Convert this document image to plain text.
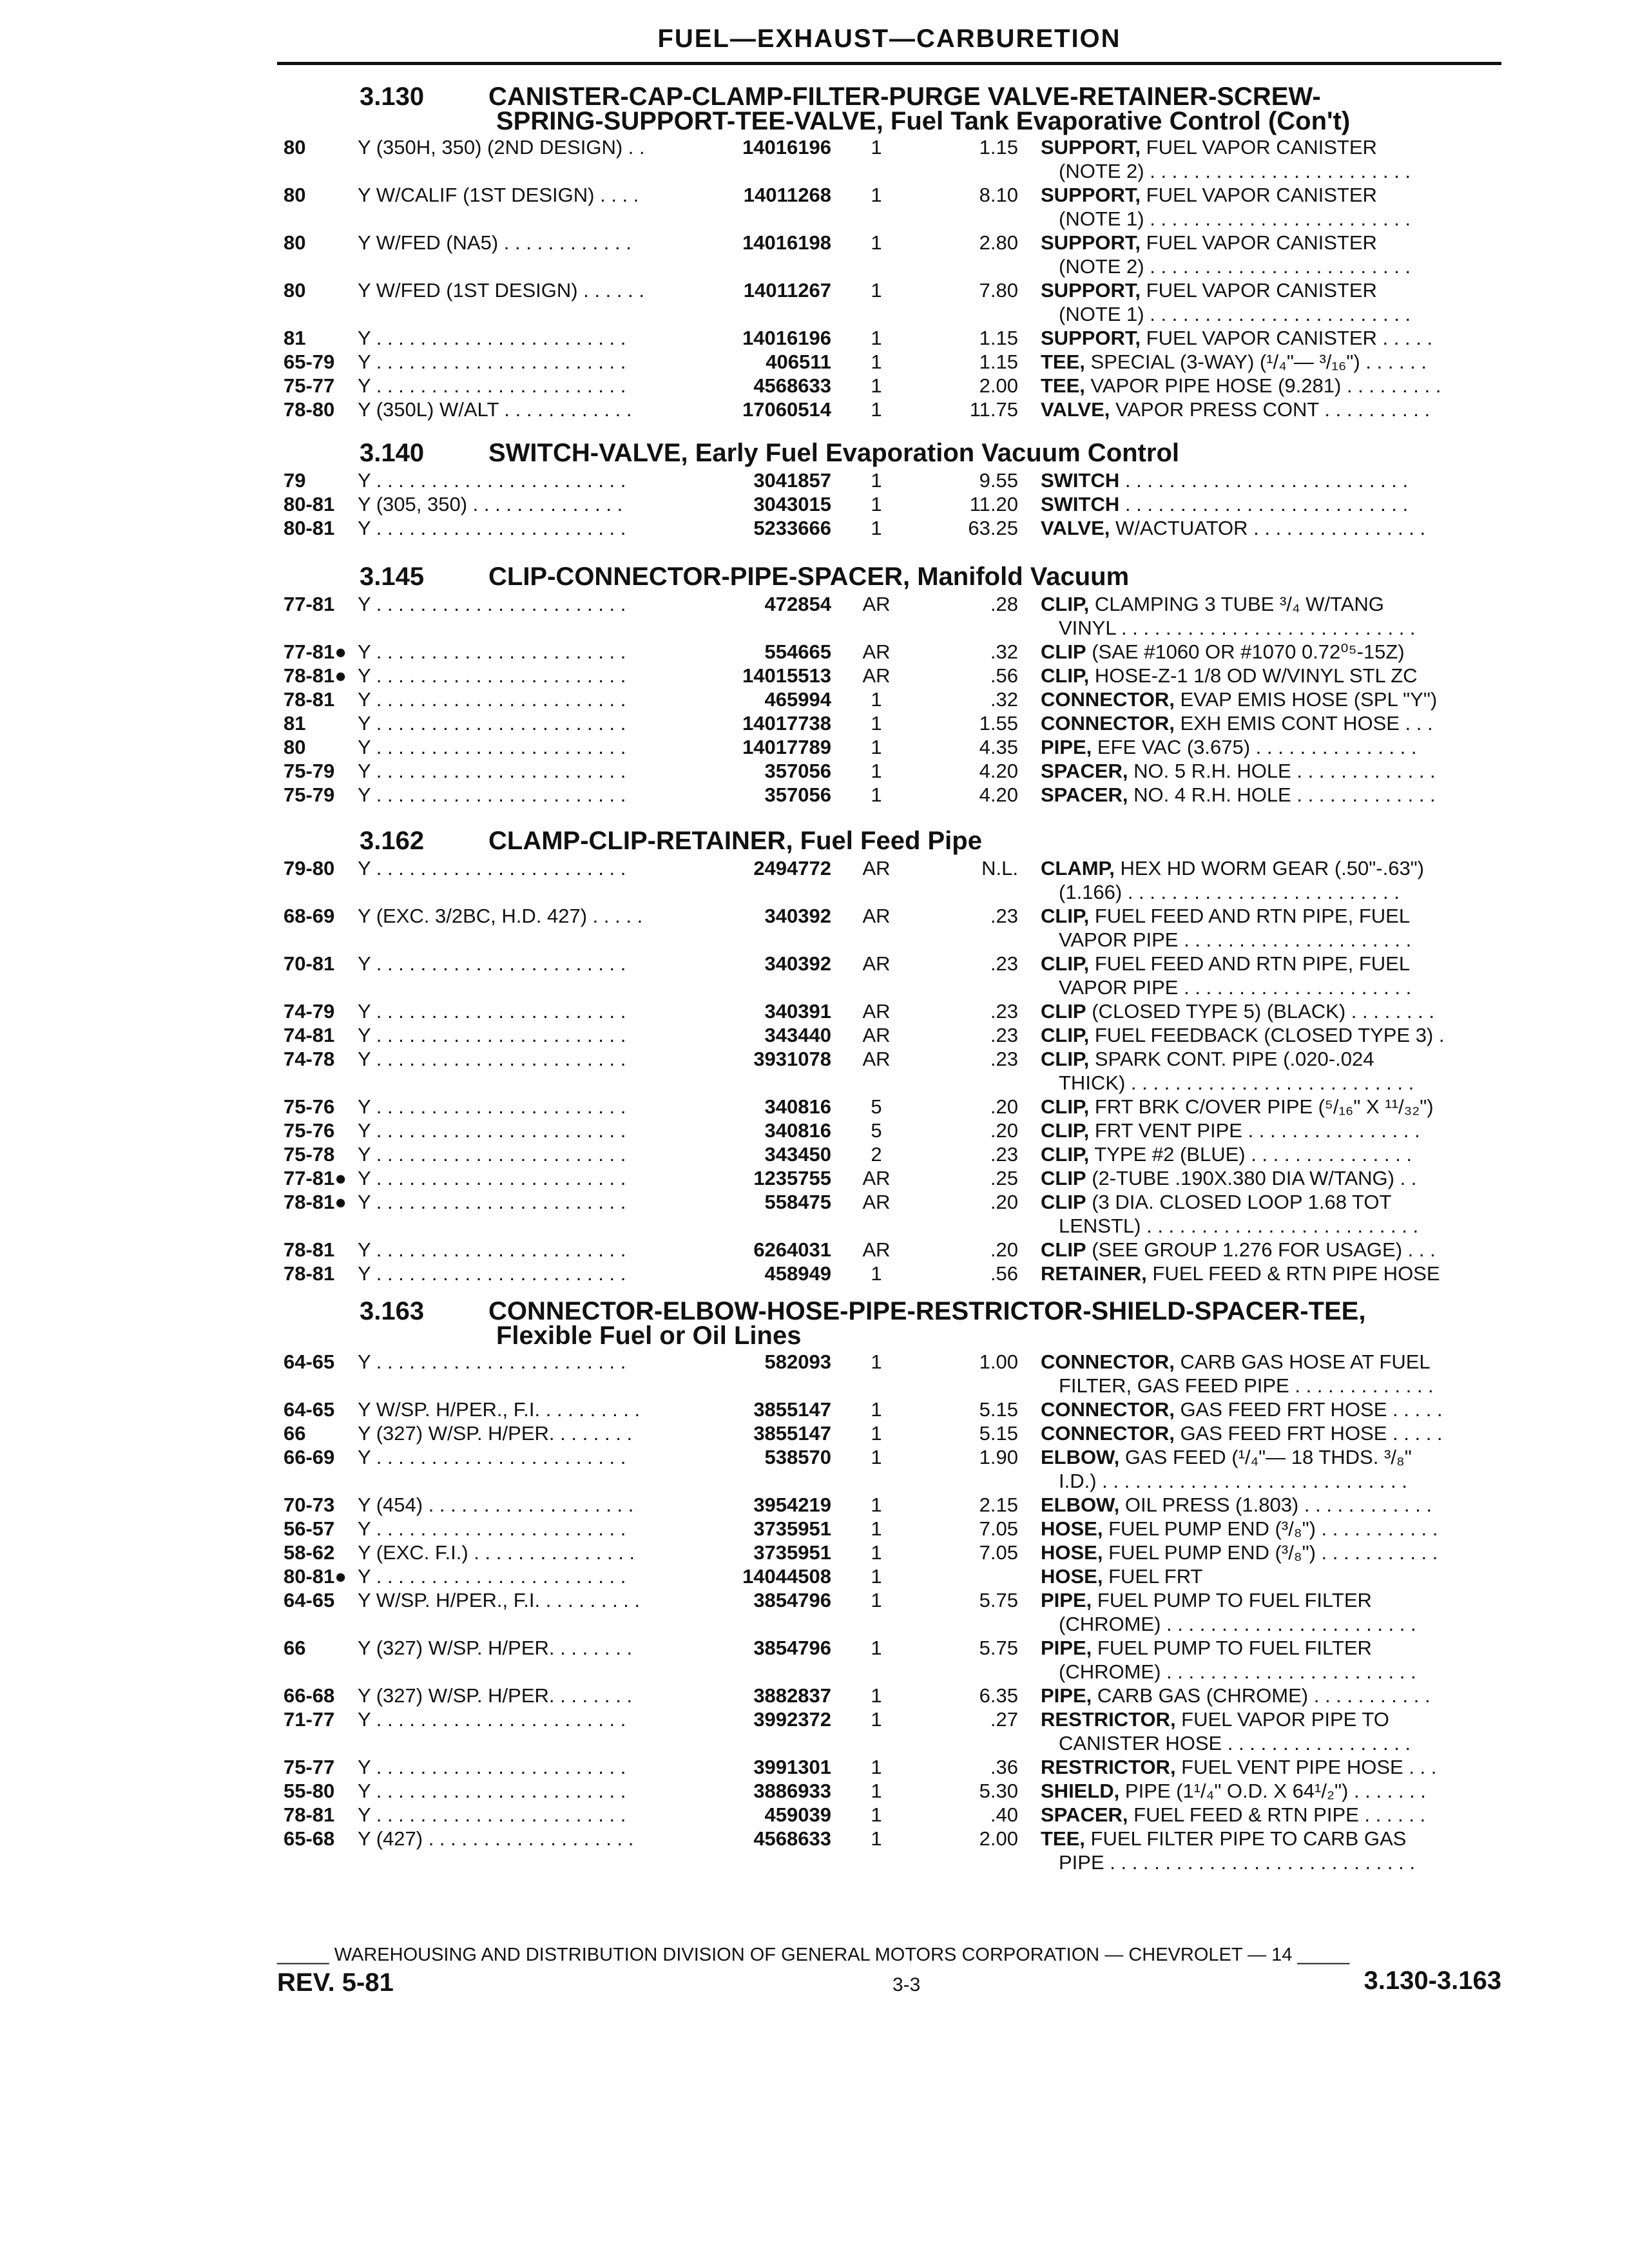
FUEL—EXHAUST—CARBURETION
3.130 CANISTER-CAP-CLAMP-FILTER-PURGE VALVE-RETAINER-SCREW-
SPRING-SUPPORT-TEE-VALVE, Fuel Tank Evaporative Control (Con't)
80	Y (350H, 350) (2ND DESIGN) . .	14016196	1	1.15 SUPPORT, FUEL VAPOR CANISTER
(NOTE 2) . . . . . . . . . . . . . . . . . . . . . . . .
80	Y W/CALIF (1ST DESIGN) . . . .	14011268	1	8.10 SUPPORT, FUEL VAPOR CANISTER
(NOTE 1) . . . . . . . . . . . . . . . . . . . . . . . .
80	Y W/FED (NA5) . . . . . . . . . . . .	14016198	1	2.80 SUPPORT, FUEL VAPOR CANISTER
(NOTE 2) . . . . . . . . . . . . . . . . . . . . . . . .
80	Y W/FED (1ST DESIGN) . . . . . .	14011267	1	7.80 SUPPORT, FUEL VAPOR CANISTER
(NOTE 1) . . . . . . . . . . . . . . . . . . . . . . . .
81	Y . . . . . . . . . . . . . . . . . . . . . . .	14016196	1	1.15 SUPPORT, FUEL VAPOR CANISTER . . . . .
65-79	Y . . . . . . . . . . . . . . . . . . . . . . .	406511	1	1.15 TEE, SPECIAL (3-WAY) (¹/₄"— ³/₁₆") . . . . . .
75-77	Y . . . . . . . . . . . . . . . . . . . . . . .	4568633	1	2.00 TEE, VAPOR PIPE HOSE (9.281) . . . . . . . . .
78-80	Y (350L) W/ALT . . . . . . . . . . . .	17060514	1	11.75 VALVE, VAPOR PRESS CONT . . . . . . . . . .
3.140 SWITCH-VALVE, Early Fuel Evaporation Vacuum Control
79	Y . . . . . . . . . . . . . . . . . . . . . . .	3041857	1	9.55 SWITCH . . . . . . . . . . . . . . . . . . . . . . . . . .
80-81	Y (305, 350) . . . . . . . . . . . . . .	3043015	1	11.20 SWITCH . . . . . . . . . . . . . . . . . . . . . . . . . .
80-81	Y . . . . . . . . . . . . . . . . . . . . . . .	5233666	1	63.25 VALVE, W/ACTUATOR . . . . . . . . . . . . . . . .
3.145 CLIP-CONNECTOR-PIPE-SPACER, Manifold Vacuum
77-81	Y . . . . . . . . . . . . . . . . . . . . . . .	472854	AR	.28 CLIP, CLAMPING 3 TUBE ³/₄ W/TANG
VINYL . . . . . . . . . . . . . . . . . . . . . . . . . . .
77-81● Y . . . . . . . . . . . . . . . . . . . . . . .	554665	AR	.32 CLIP (SAE #1060 OR #1070 0.72⁰⁵-15Z)
78-81● Y . . . . . . . . . . . . . . . . . . . . . . .	14015513	AR	.56 CLIP, HOSE-Z-1 1/8 OD W/VINYL STL ZC
78-81	Y . . . . . . . . . . . . . . . . . . . . . . .	465994	1	.32 CONNECTOR, EVAP EMIS HOSE (SPL "Y")
81	Y . . . . . . . . . . . . . . . . . . . . . . .	14017738	1	1.55 CONNECTOR, EXH EMIS CONT HOSE . . .
80	Y . . . . . . . . . . . . . . . . . . . . . . .	14017789	1	4.35 PIPE, EFE VAC (3.675) . . . . . . . . . . . . . . .
75-79	Y . . . . . . . . . . . . . . . . . . . . . . .	357056	1	4.20 SPACER, NO. 5 R.H. HOLE . . . . . . . . . . . . .
75-79	Y . . . . . . . . . . . . . . . . . . . . . . .	357056	1	4.20 SPACER, NO. 4 R.H. HOLE . . . . . . . . . . . . .
3.162 CLAMP-CLIP-RETAINER, Fuel Feed Pipe
79-80	Y . . . . . . . . . . . . . . . . . . . . . . .	2494772	AR	N.L. CLAMP, HEX HD WORM GEAR (.50"-.63")
(1.166) . . . . . . . . . . . . . . . . . . . . . . . . .
68-69	Y (EXC. 3/2BC, H.D. 427) . . . . .	340392	AR	.23 CLIP, FUEL FEED AND RTN PIPE, FUEL
VAPOR PIPE . . . . . . . . . . . . . . . . . . . . .
70-81	Y . . . . . . . . . . . . . . . . . . . . . . .	340392	AR	.23 CLIP, FUEL FEED AND RTN PIPE, FUEL
VAPOR PIPE . . . . . . . . . . . . . . . . . . . . .
74-79	Y . . . . . . . . . . . . . . . . . . . . . . .	340391	AR	.23 CLIP (CLOSED TYPE 5) (BLACK) . . . . . . . .
74-81	Y . . . . . . . . . . . . . . . . . . . . . . .	343440	AR	.23 CLIP, FUEL FEEDBACK (CLOSED TYPE 3) .
74-78	Y . . . . . . . . . . . . . . . . . . . . . . .	3931078	AR	.23 CLIP, SPARK CONT. PIPE (.020-.024
THICK) . . . . . . . . . . . . . . . . . . . . . . . . . .
75-76	Y . . . . . . . . . . . . . . . . . . . . . . .	340816	5	.20 CLIP, FRT BRK C/OVER PIPE (⁵/₁₆" X ¹¹/₃₂")
75-76	Y . . . . . . . . . . . . . . . . . . . . . . .	340816	5	.20 CLIP, FRT VENT PIPE . . . . . . . . . . . . . . . .
75-78	Y . . . . . . . . . . . . . . . . . . . . . . .	343450	2	.23 CLIP, TYPE #2 (BLUE) . . . . . . . . . . . . . . .
77-81● Y . . . . . . . . . . . . . . . . . . . . . . .	1235755	AR	.25 CLIP (2-TUBE .190X.380 DIA W/TANG) . .
78-81● Y . . . . . . . . . . . . . . . . . . . . . . .	558475	AR	.20 CLIP (3 DIA. CLOSED LOOP 1.68 TOT
LENSTL) . . . . . . . . . . . . . . . . . . . . . . . . .
78-81	Y . . . . . . . . . . . . . . . . . . . . . . .	6264031	AR	.20 CLIP (SEE GROUP 1.276 FOR USAGE) . . .
78-81	Y . . . . . . . . . . . . . . . . . . . . . . .	458949	1	.56 RETAINER, FUEL FEED & RTN PIPE HOSE
3.163 CONNECTOR-ELBOW-HOSE-PIPE-RESTRICTOR-SHIELD-SPACER-TEE,
Flexible Fuel or Oil Lines
64-65	Y . . . . . . . . . . . . . . . . . . . . . . .	582093	1	1.00 CONNECTOR, CARB GAS HOSE AT FUEL
FILTER, GAS FEED PIPE . . . . . . . . . . . . .
64-65	Y W/SP. H/PER., F.I. . . . . . . . . .	3855147	1	5.15 CONNECTOR, GAS FEED FRT HOSE . . . . .
66	Y (327) W/SP. H/PER. . . . . . . .	3855147	1	5.15 CONNECTOR, GAS FEED FRT HOSE . . . . .
66-69	Y . . . . . . . . . . . . . . . . . . . . . . .	538570	1	1.90 ELBOW, GAS FEED (¹/₄"— 18 THDS. ³/₈"
I.D.) . . . . . . . . . . . . . . . . . . . . . . . . . . . .
70-73	Y (454) . . . . . . . . . . . . . . . . . . .	3954219	1	2.15 ELBOW, OIL PRESS (1.803) . . . . . . . . . . . .
56-57	Y . . . . . . . . . . . . . . . . . . . . . . .	3735951	1	7.05 HOSE, FUEL PUMP END (³/₈") . . . . . . . . . . .
58-62	Y (EXC. F.I.) . . . . . . . . . . . . . . .	3735951	1	7.05 HOSE, FUEL PUMP END (³/₈") . . . . . . . . . . .
80-81● Y . . . . . . . . . . . . . . . . . . . . . . .	14044508	1	HOSE, FUEL FRT
64-65	Y W/SP. H/PER., F.I. . . . . . . . . .	3854796	1	5.75 PIPE, FUEL PUMP TO FUEL FILTER
(CHROME) . . . . . . . . . . . . . . . . . . . . . . .
66	Y (327) W/SP. H/PER. . . . . . . .	3854796	1	5.75 PIPE, FUEL PUMP TO FUEL FILTER
(CHROME) . . . . . . . . . . . . . . . . . . . . . . .
66-68	Y (327) W/SP. H/PER. . . . . . . .	3882837	1	6.35 PIPE, CARB GAS (CHROME) . . . . . . . . . . .
71-77	Y . . . . . . . . . . . . . . . . . . . . . . .	3992372	1	.27 RESTRICTOR, FUEL VAPOR PIPE TO
CANISTER HOSE . . . . . . . . . . . . . . . . .
75-77	Y . . . . . . . . . . . . . . . . . . . . . . .	3991301	1	.36 RESTRICTOR, FUEL VENT PIPE HOSE . . .
55-80	Y . . . . . . . . . . . . . . . . . . . . . . .	3886933	1	5.30 SHIELD, PIPE (1¹/₄" O.D. X 64¹/₂") . . . . . . .
78-81	Y . . . . . . . . . . . . . . . . . . . . . . .	459039	1	.40 SPACER, FUEL FEED & RTN PIPE . . . . . .
65-68	Y (427) . . . . . . . . . . . . . . . . . . .	4568633	1	2.00 TEE, FUEL FILTER PIPE TO CARB GAS
PIPE . . . . . . . . . . . . . . . . . . . . . . . . . . . .
_____ WAREHOUSING AND DISTRIBUTION DIVISION OF GENERAL MOTORS CORPORATION — CHEVROLET — 14 _____
REV. 5-81	3-3	3.130-3.163
